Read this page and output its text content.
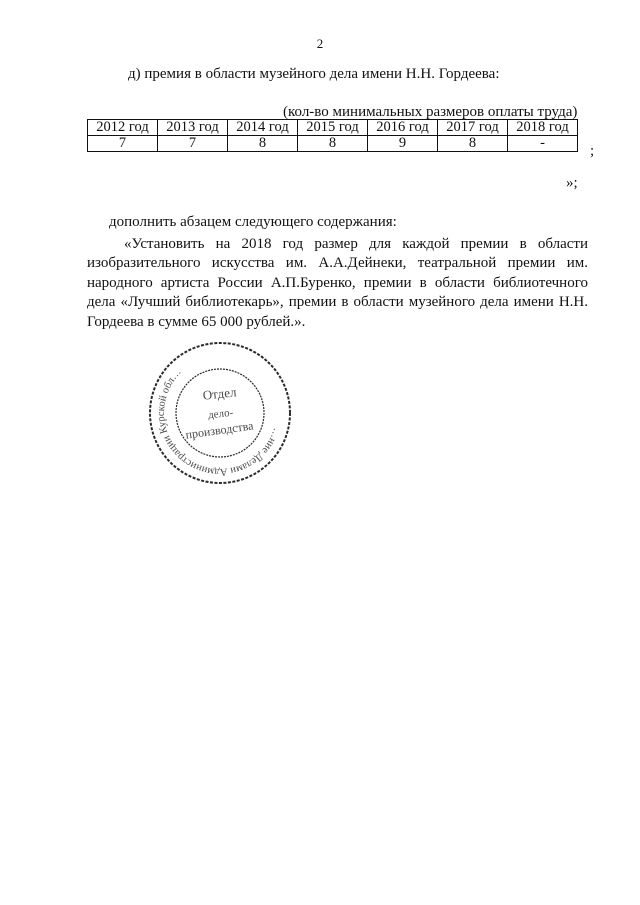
2
д) премия в области музейного дела имени Н.Н. Гордеева:
(кол-во минимальных размеров оплаты труда)
2012 год	2013 год	2014 год	2015 год	2016 год	2017 год	2018 год
7	7	8	8	9	8	-	;
»;
дополнить абзацем следующего содержания:
«Установить на 2018 год размер для каждой премии в области
изобразительного искусства им. А.А.Дейнеки, театральной премии им.
народного артиста России А.П.Буренко, премии в области библиотечного
дела «Лучший библиотекарь», премии в области музейного дела имени Н.Н.
Гордеева в сумме 65 000 рублей.».
…ние Делами Администрации Курской обл…
Отдел
дело-
производства
